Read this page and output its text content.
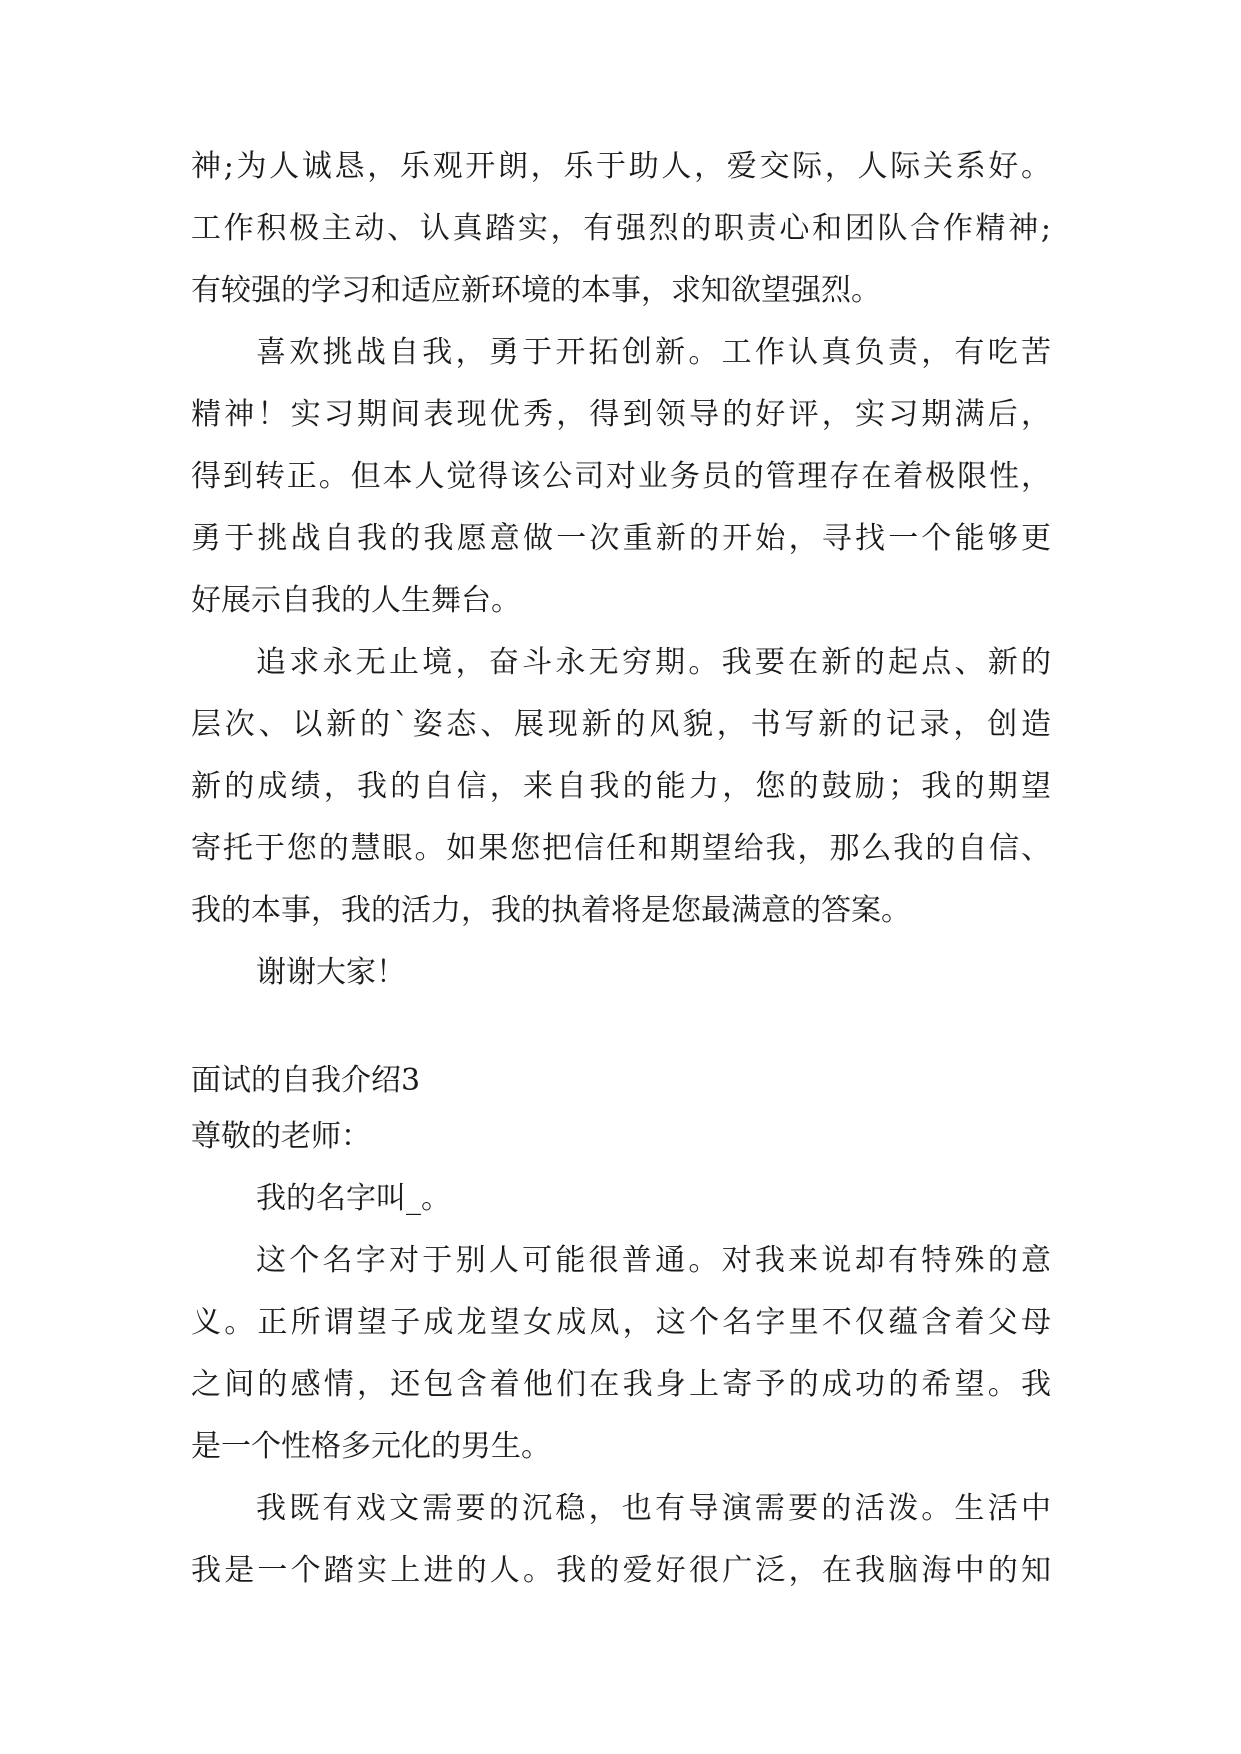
神;为人诚恳，乐观开朗，乐于助人，爱交际，人际关系好。
工作积极主动、认真踏实，有强烈的职责心和团队合作精神;
有较强的学习和适应新环境的本事，求知欲望强烈。
喜欢挑战自我，勇于开拓创新。工作认真负责，有吃苦
精神！实习期间表现优秀，得到领导的好评，实习期满后，
得到转正。但本人觉得该公司对业务员的管理存在着极限性，
勇于挑战自我的我愿意做一次重新的开始，寻找一个能够更
好展示自我的人生舞台。
追求永无止境，奋斗永无穷期。我要在新的起点、新的
层次、以新的`姿态、展现新的风貌，书写新的记录，创造
新的成绩，我的自信，来自我的能力，您的鼓励；我的期望
寄托于您的慧眼。如果您把信任和期望给我，那么我的自信、
我的本事，我的活力，我的执着将是您最满意的答案。
谢谢大家！
面试的自我介绍3
尊敬的老师：
我的名字叫_。
这个名字对于别人可能很普通。对我来说却有特殊的意
义。正所谓望子成龙望女成凤，这个名字里不仅蕴含着父母
之间的感情，还包含着他们在我身上寄予的成功的希望。我
是一个性格多元化的男生。
我既有戏文需要的沉稳，也有导演需要的活泼。生活中
我是一个踏实上进的人。我的爱好很广泛，在我脑海中的知
